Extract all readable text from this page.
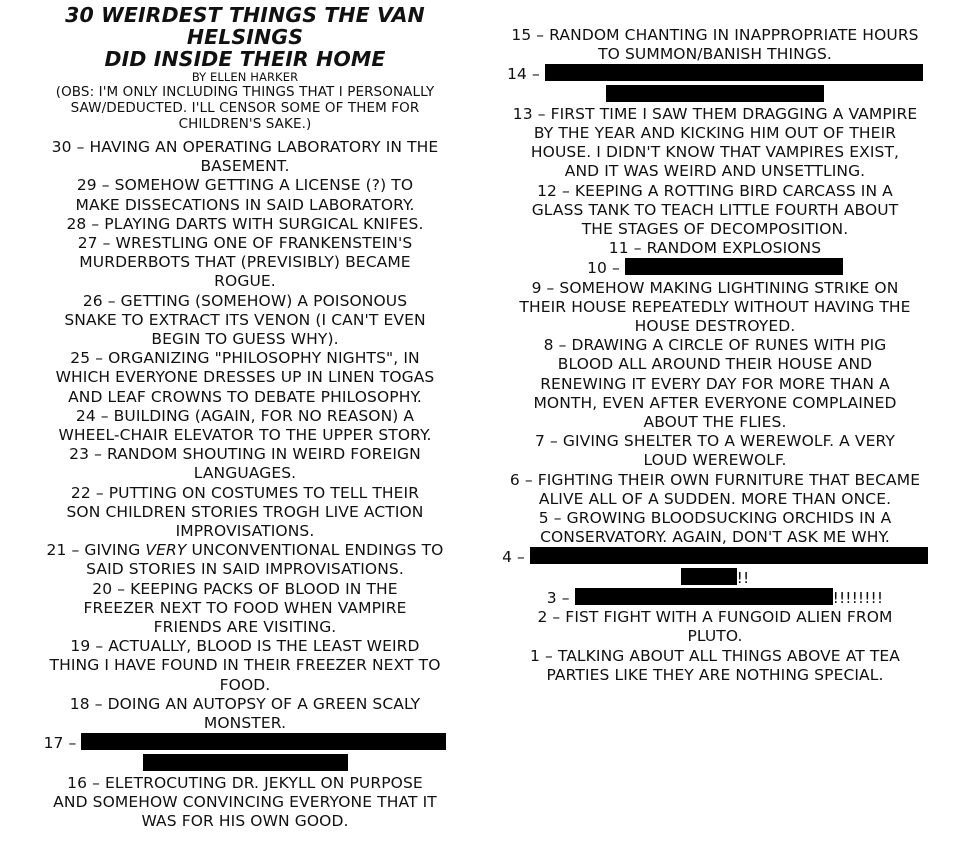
30 WEIRDEST THINGS THE VAN HELSINGS
DID INSIDE THEIR HOME
BY ELLEN HARKER
(OBS: I'M ONLY INCLUDING THINGS THAT I PERSONALLY
SAW/DEDUCTED. I'LL CENSOR SOME OF THEM FOR
CHILDREN'S SAKE.)
30 – HAVING AN OPERATING LABORATORY IN THE
BASEMENT.
29 – SOMEHOW GETTING A LICENSE (?) TO
MAKE DISSECATIONS IN SAID LABORATORY.
28 – PLAYING DARTS WITH SURGICAL KNIFES.
27 – WRESTLING ONE OF FRANKENSTEIN'S
MURDERBOTS THAT (PREVISIBLY) BECAME
ROGUE.
26 – GETTING (SOMEHOW) A POISONOUS
SNAKE TO EXTRACT ITS VENON (I CAN'T EVEN
BEGIN TO GUESS WHY).
25 – ORGANIZING "PHILOSOPHY NIGHTS", IN
WHICH EVERYONE DRESSES UP IN LINEN TOGAS
AND LEAF CROWNS TO DEBATE PHILOSOPHY.
24 – BUILDING (AGAIN, FOR NO REASON) A
WHEEL-CHAIR ELEVATOR TO THE UPPER STORY.
23 – RANDOM SHOUTING IN WEIRD FOREIGN
LANGUAGES.
22 – PUTTING ON COSTUMES TO TELL THEIR
SON CHILDREN STORIES TROGH LIVE ACTION
IMPROVISATIONS.
21 – GIVING VERY UNCONVENTIONAL ENDINGS TO
SAID STORIES IN SAID IMPROVISATIONS.
20 – KEEPING PACKS OF BLOOD IN THE
FREEZER NEXT TO FOOD WHEN VAMPIRE
FRIENDS ARE VISITING.
19 – ACTUALLY, BLOOD IS THE LEAST WEIRD
THING I HAVE FOUND IN THEIR FREEZER NEXT TO
FOOD.
18 – DOING AN AUTOPSY OF A GREEN SCALY
MONSTER.
17 –
16 – ELETROCUTING DR. JEKYLL ON PURPOSE
AND SOMEHOW CONVINCING EVERYONE THAT IT
WAS FOR HIS OWN GOOD.
15 – RANDOM CHANTING IN INAPPROPRIATE HOURS
TO SUMMON/BANISH THINGS.
14 –
13 – FIRST TIME I SAW THEM DRAGGING A VAMPIRE
BY THE YEAR AND KICKING HIM OUT OF THEIR
HOUSE. I DIDN'T KNOW THAT VAMPIRES EXIST,
AND IT WAS WEIRD AND UNSETTLING.
12 – KEEPING A ROTTING BIRD CARCASS IN A
GLASS TANK TO TEACH LITTLE FOURTH ABOUT
THE STAGES OF DECOMPOSITION.
11 – RANDOM EXPLOSIONS
10 –
9 – SOMEHOW MAKING LIGHTINING STRIKE ON
THEIR HOUSE REPEATEDLY WITHOUT HAVING THE
HOUSE DESTROYED.
8 – DRAWING A CIRCLE OF RUNES WITH PIG
BLOOD ALL AROUND THEIR HOUSE AND
RENEWING IT EVERY DAY FOR MORE THAN A
MONTH, EVEN AFTER EVERYONE COMPLAINED
ABOUT THE FLIES.
7 – GIVING SHELTER TO A WEREWOLF. A VERY
LOUD WEREWOLF.
6 – FIGHTING THEIR OWN FURNITURE THAT BECAME
ALIVE ALL OF A SUDDEN. MORE THAN ONCE.
5 – GROWING BLOODSUCKING ORCHIDS IN A
CONSERVATORY. AGAIN, DON'T ASK ME WHY.
4 –
!!
3 –	!!!!!!!!
2 – FIST FIGHT WITH A FUNGOID ALIEN FROM
PLUTO.
1 – TALKING ABOUT ALL THINGS ABOVE AT TEA
PARTIES LIKE THEY ARE NOTHING SPECIAL.
